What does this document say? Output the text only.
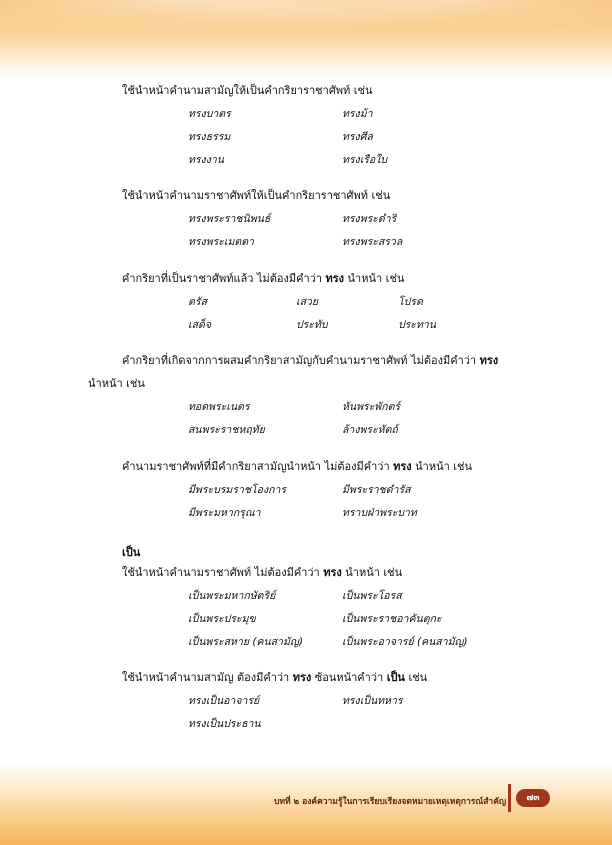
ใช้นำหน้าคำนามสามัญให้เป็นคำกริยาราชาศัพท์ เช่น
ทรงบาตร	ทรงม้า
ทรงธรรม	ทรงศีล
ทรงงาน	ทรงเรือใบ
ใช้นำหน้าคำนามราชาศัพท์ให้เป็นคำกริยาราชาศัพท์ เช่น
ทรงพระราชนิพนธ์	ทรงพระดำริ
ทรงพระเมตตา	ทรงพระสรวล
คำกริยาที่เป็นราชาศัพท์แล้ว ไม่ต้องมีคำว่า ทรง นำหน้า เช่น
ตรัส	เสวย	โปรด
เสด็จ	ประทับ	ประทาน
คำกริยาที่เกิดจากการผสมคำกริยาสามัญกับคำนามราชาศัพท์ ไม่ต้องมีคำว่า ทรง
นำหน้า เช่น
ทอดพระเนตร	หันพระพักตร์
สนพระราชหฤทัย	ล้างพระหัตถ์
คำนามราชาศัพท์ที่มีคำกริยาสามัญนำหน้า ไม่ต้องมีคำว่า ทรง นำหน้า เช่น
มีพระบรมราชโองการ	มีพระราชดำรัส
มีพระมหากรุณา	ทราบฝ่าพระบาท
เป็น
ใช้นำหน้าคำนามราชาศัพท์ ไม่ต้องมีคำว่า ทรง นำหน้า เช่น
เป็นพระมหากษัตริย์	เป็นพระโอรส
เป็นพระประมุข	เป็นพระราชอาคันตุกะ
เป็นพระสหาย (คนสามัญ)	เป็นพระอาจารย์ (คนสามัญ)
ใช้นำหน้าคำนามสามัญ ต้องมีคำว่า ทรง ซ้อนหน้าคำว่า เป็น เช่น
ทรงเป็นอาจารย์	ทรงเป็นทหาร
ทรงเป็นประธาน
บทที่ ๒ องค์ความรู้ในการเรียบเรียงจดหมายเหตุเหตุการณ์สำคัญ	๗๓
